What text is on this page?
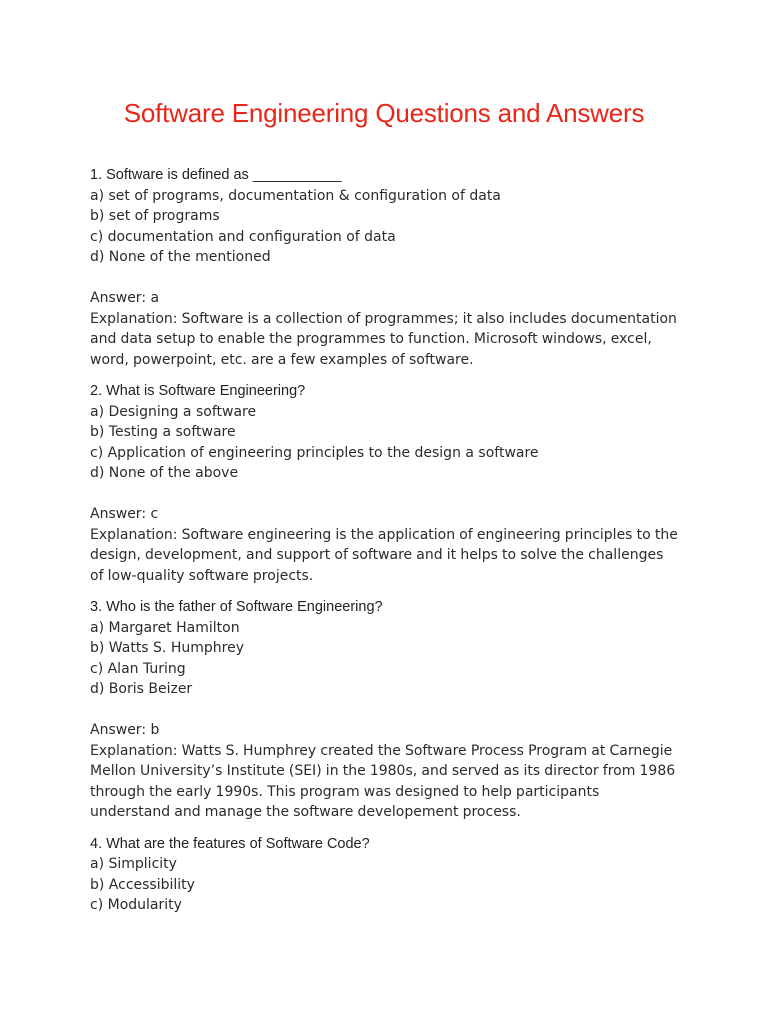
Software Engineering Questions and Answers
1. Software is defined as ___________
a) set of programs, documentation & configuration of data
b) set of programs
c) documentation and configuration of data
d) None of the mentioned
Answer: a
Explanation: Software is a collection of programmes; it also includes documentation and data setup to enable the programmes to function. Microsoft windows, excel, word, powerpoint, etc. are a few examples of software.
2. What is Software Engineering?
a) Designing a software
b) Testing a software
c) Application of engineering principles to the design a software
d) None of the above
Answer: c
Explanation: Software engineering is the application of engineering principles to the design, development, and support of software and it helps to solve the challenges of low-quality software projects.
3. Who is the father of Software Engineering?
a) Margaret Hamilton
b) Watts S. Humphrey
c) Alan Turing
d) Boris Beizer
Answer: b
Explanation: Watts S. Humphrey created the Software Process Program at Carnegie Mellon University’s Institute (SEI) in the 1980s, and served as its director from 1986 through the early 1990s. This program was designed to help participants understand and manage the software developement process.
4. What are the features of Software Code?
a) Simplicity
b) Accessibility
c) Modularity
